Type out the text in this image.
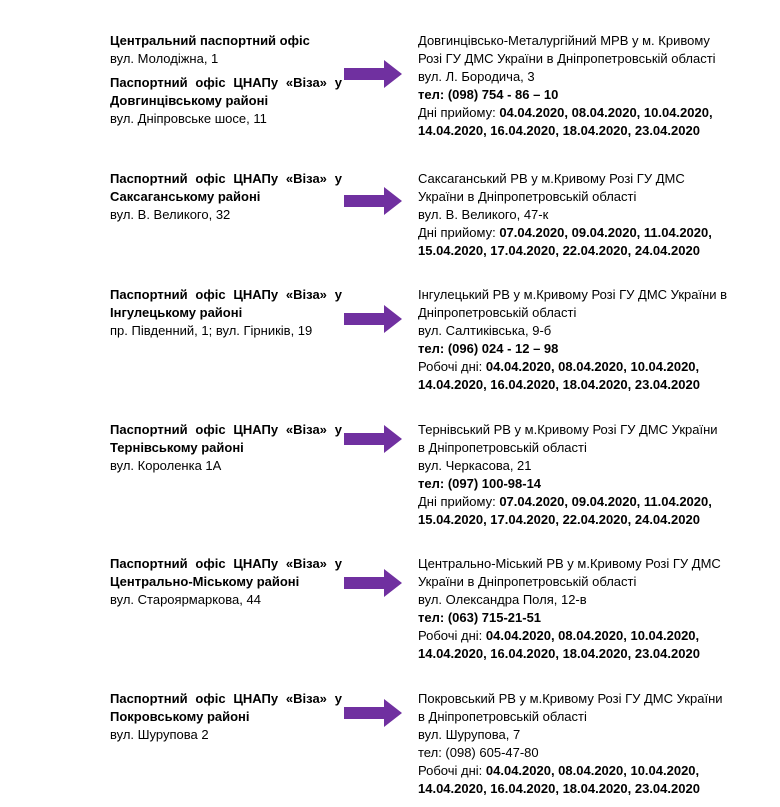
Центральний паспортний офіс
вул. Молодіжна, 1
Паспортний офіс ЦНАПу «Віза» у
Довгинцівському районі
вул. Дніпровське шосе, 11
Довгинцівсько-Металургійний МРВ у м. Кривому
Розі ГУ ДМС України в Дніпропетровській області
вул. Л. Бородича, 3
тел: (098) 754 - 86 – 10
Дні прийому: 04.04.2020, 08.04.2020, 10.04.2020,
14.04.2020, 16.04.2020, 18.04.2020, 23.04.2020
Паспортний офіс ЦНАПу «Віза» у
Саксаганському районі
вул. В. Великого, 32
Саксаганський РВ у м.Кривому Розі ГУ ДМС
України в Дніпропетровській області
вул. В. Великого, 47-к
Дні прийому: 07.04.2020, 09.04.2020, 11.04.2020,
15.04.2020, 17.04.2020, 22.04.2020, 24.04.2020
Паспортний офіс ЦНАПу «Віза» у
Інгулецькому районі
пр. Південний, 1; вул. Гірників, 19
Інгулецький РВ у м.Кривому Розі ГУ ДМС України в
Дніпропетровській області
вул. Салтиківська, 9-б
тел: (096) 024 - 12 – 98
Робочі дні: 04.04.2020, 08.04.2020, 10.04.2020,
14.04.2020, 16.04.2020, 18.04.2020, 23.04.2020
Паспортний офіс ЦНАПу «Віза» у
Тернівському районі
вул. Короленка 1А
Тернівський РВ у м.Кривому Розі ГУ ДМС України
в Дніпропетровській області
вул. Черкасова, 21
тел: (097) 100-98-14
Дні прийому: 07.04.2020, 09.04.2020, 11.04.2020,
15.04.2020, 17.04.2020, 22.04.2020, 24.04.2020
Паспортний офіс ЦНАПу «Віза» у
Центрально-Міському районі
вул. Староярмаркова, 44
Центрально-Міський РВ у м.Кривому Розі ГУ ДМС
України в Дніпропетровській області
вул. Олександра Поля, 12-в
тел: (063) 715-21-51
Робочі дні: 04.04.2020, 08.04.2020, 10.04.2020,
14.04.2020, 16.04.2020, 18.04.2020, 23.04.2020
Паспортний офіс ЦНАПу «Віза» у
Покровському районі
вул. Шурупова 2
Покровський РВ у м.Кривому Розі ГУ ДМС України
в Дніпропетровській області
вул. Шурупова, 7
тел: (098) 605-47-80
Робочі дні: 04.04.2020, 08.04.2020, 10.04.2020,
14.04.2020, 16.04.2020, 18.04.2020, 23.04.2020
